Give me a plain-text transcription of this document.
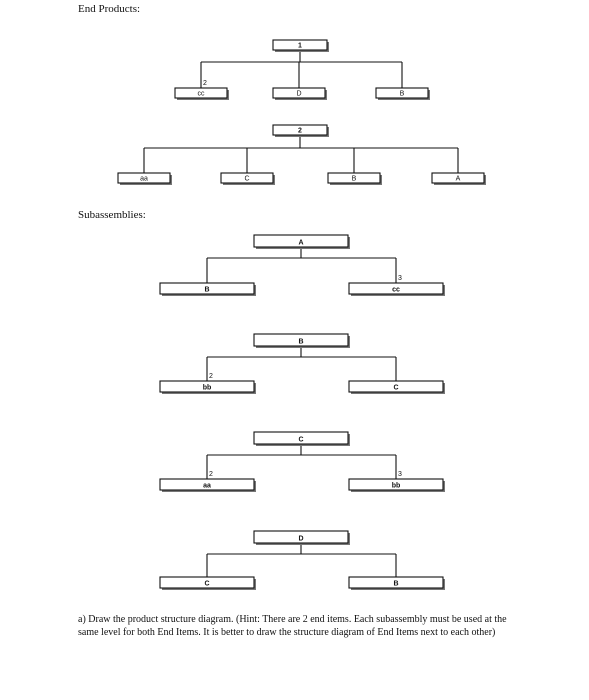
End Products:

Subassemblies:

1
cc
2
D	B
2
aa	C	B	A
A
B	cc
3
B
bb
2
C
C
aa
2
bb
3
D
C	B

a) Draw the product structure diagram. (Hint: There are 2 end items. Each subassembly must be used at the same level for both End Items. It is better to draw the structure diagram of End Items next to each other)
